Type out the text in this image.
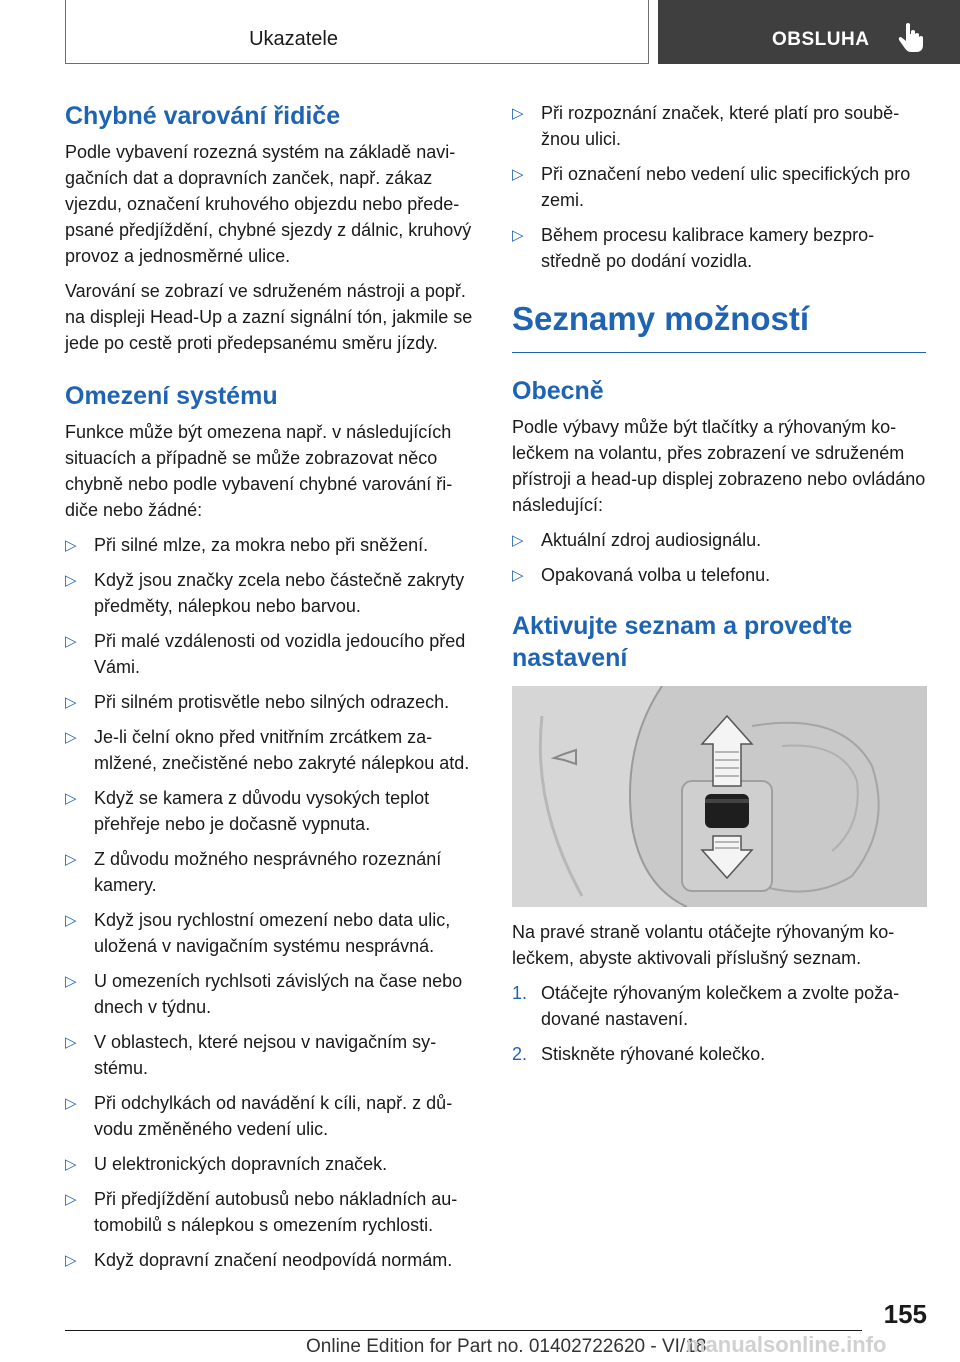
Ukazatele	OBSLUHA
Chybné varování řidiče

Podle vybavení rozezná systém na základě navigačních dat a dopravních zanček, např. zákaz vjezdu, označení kruhového objezdu nebo předepsané předjíždění, chybné sjezdy z dálnic, kruhový provoz a jednosměrné ulice.

Varování se zobrazí ve sdruženém nástroji a popř. na displeji Head-Up a zazní signální tón, jakmile se jede po cestě proti předepsanému směru jízdy.

Omezení systému

Funkce může být omezena např. v následujících situacích a případně se může zobrazovat něco chybně nebo podle vybavení chybné varování řidiče nebo žádné:

▷ Při silné mlze, za mokra nebo při sněžení.
▷ Když jsou značky zcela nebo částečně zakryty předměty, nálepkou nebo barvou.
▷ Při malé vzdálenosti od vozidla jedoucího před Vámi.
▷ Při silném protisvětle nebo silných odrazech.
▷ Je-li čelní okno před vnitřním zrcátkem zamlžené, znečistěné nebo zakryté nálepkou atd.
▷ Když se kamera z důvodu vysokých teplot přehřeje nebo je dočasně vypnuta.
▷ Z důvodu možného nesprávného rozeznání kamery.
▷ Když jsou rychlostní omezení nebo data ulic, uložená v navigačním systému nesprávná.
▷ U omezeních rychlsoti závislých na čase nebo dnech v týdnu.
▷ V oblastech, které nejsou v navigačním systému.
▷ Při odchylkách od navádění k cíli, např. z důvodu změněného vedení ulic.
▷ U elektronických dopravních značek.
▷ Při předjíždění autobusů nebo nákladních automobilů s nálepkou s omezením rychlosti.
▷ Když dopravní značení neodpovídá normám.
▷ Při rozpoznání značek, které platí pro souběžnou ulici.
▷ Při označení nebo vedení ulic specifických pro zemi.
▷ Během procesu kalibrace kamery bezprostředně po dodání vozidla.
Seznamy možností
Obecně

Podle výbavy může být tlačítky a rýhovaným kolečkem na volantu, přes zobrazení ve sdruženém přístroji a head-up displej zobrazeno nebo ovládáno následující:

▷ Aktuální zdroj audiosignálu.
▷ Opakovaná volba u telefonu.
Aktivujte seznam a proveďte nastavení

Na pravé straně volantu otáčejte rýhovaným kolečkem, abyste aktivovali příslušný seznam.

1. Otáčejte rýhovaným kolečkem a zvolte požadované nastavení.
2. Stiskněte rýhované kolečko.
155
Online Edition for Part no. 01402722620 - VI/18
manualsonline.info
